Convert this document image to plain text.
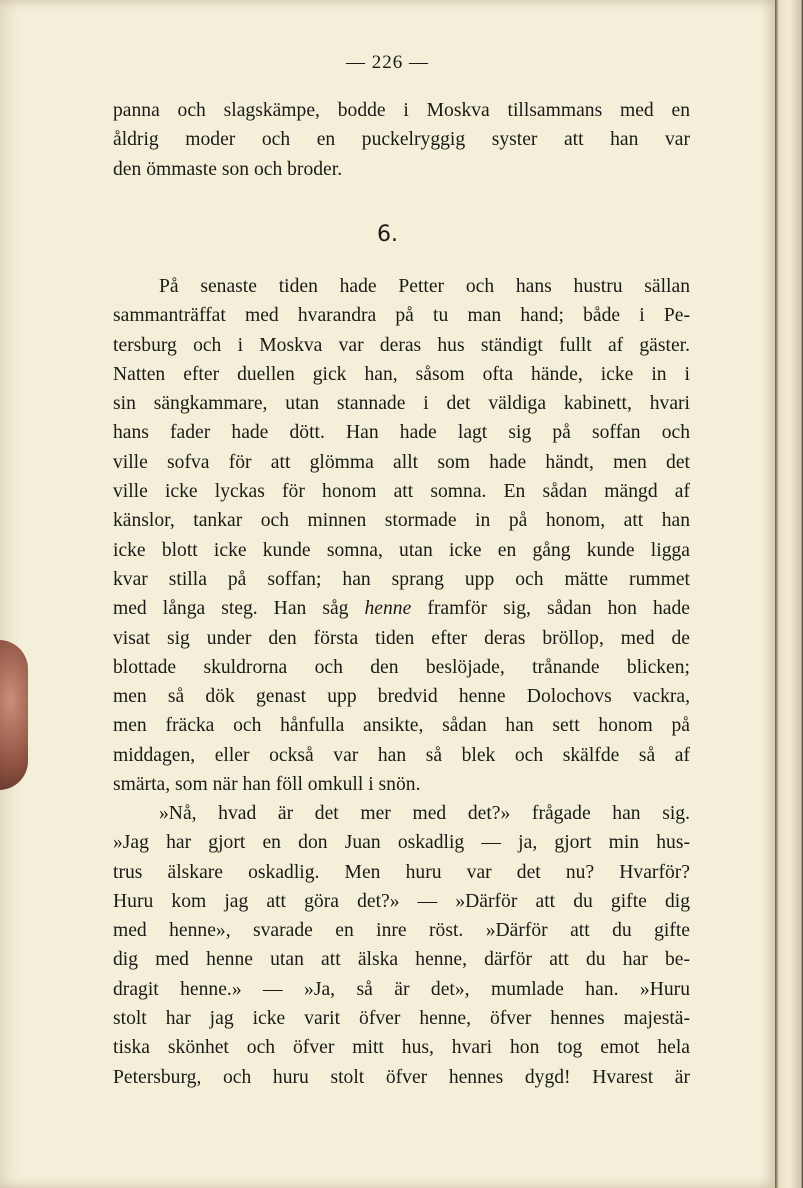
— 226 —
panna och slagskämpe, bodde i Moskva tillsammans med en
åldrig moder och en puckelryggig syster att han var
den ömmaste son och broder.
6.
På senaste tiden hade Petter och hans hustru sällan
sammanträffat med hvarandra på tu man hand; både i Pe-
tersburg och i Moskva var deras hus ständigt fullt af gäster.
Natten efter duellen gick han, såsom ofta hände, icke in i
sin sängkammare, utan stannade i det väldiga kabinett, hvari
hans fader hade dött. Han hade lagt sig på soffan och
ville sofva för att glömma allt som hade händt, men det
ville icke lyckas för honom att somna. En sådan mängd af
känslor, tankar och minnen stormade in på honom, att han
icke blott icke kunde somna, utan icke en gång kunde ligga
kvar stilla på soffan; han sprang upp och mätte rummet
med långa steg. Han såg henne framför sig, sådan hon hade
visat sig under den första tiden efter deras bröllop, med de
blottade skuldrorna och den beslöjade, trånande blicken;
men så dök genast upp bredvid henne Dolochovs vackra,
men fräcka och hånfulla ansikte, sådan han sett honom på
middagen, eller också var han så blek och skälfde så af
smärta, som när han föll omkull i snön.
»Nå, hvad är det mer med det?» frågade han sig.
»Jag har gjort en don Juan oskadlig — ja, gjort min hus-
trus älskare oskadlig. Men huru var det nu? Hvarför?
Huru kom jag att göra det?» — »Därför att du gifte dig
med henne», svarade en inre röst. »Därför att du gifte
dig med henne utan att älska henne, därför att du har be-
dragit henne.» — »Ja, så är det», mumlade han. »Huru
stolt har jag icke varit öfver henne, öfver hennes majestä-
tiska skönhet och öfver mitt hus, hvari hon tog emot hela
Petersburg, och huru stolt öfver hennes dygd! Hvarest är
